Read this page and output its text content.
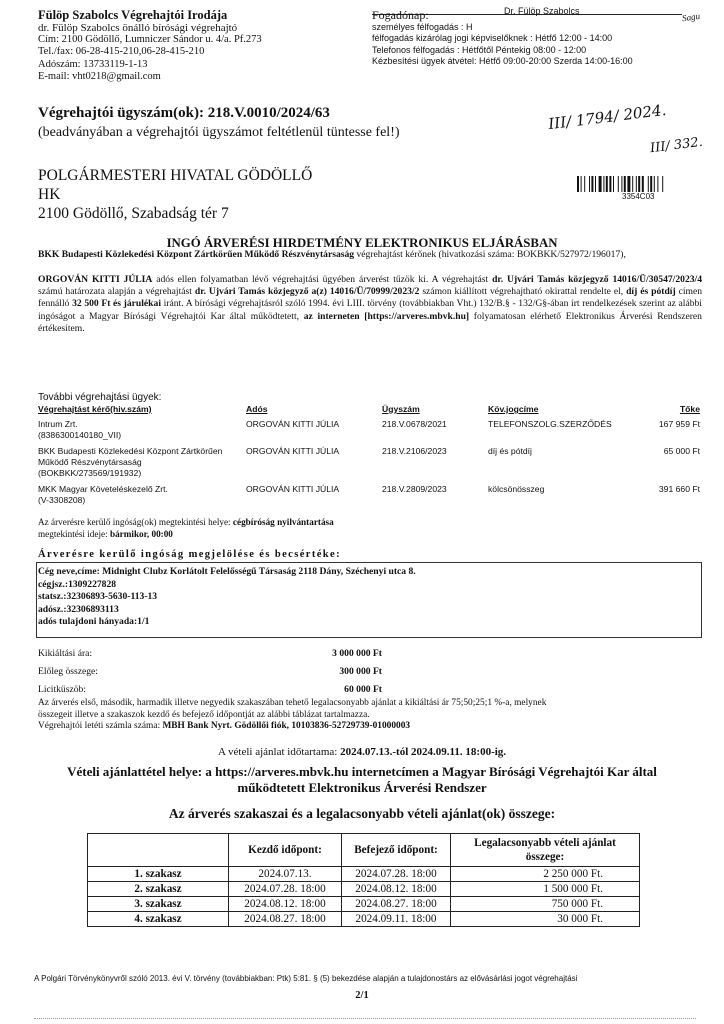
Fülöp Szabolcs Végrehajtói Irodája
dr. Fülöp Szabolcs önálló bírósági végrehajtó
Cím: 2100 Gödöllő, Lumniczer Sándor u. 4/a. Pf.273
Tel./fax: 06-28-415-210,06-28-415-210
Adószám: 13733119-1-13
E-mail: vht0218@gmail.com
Dr. Fülöp Szabolcs	Sagu
Fogadónap:
személyes félfogadás : H
félfogadás kizárólag jogi képviselőknek : Hétfő 12:00 - 14:00
Telefonos félfogadás : Hétfőtől Péntekig 08:00 - 12:00
Kézbesítési ügyek átvétel: Hétfő 09:00-20:00 Szerda 14:00-16:00
Végrehajtói ügyszám(ok): 218.V.0010/2024/63
(beadványában a végrehajtói ügyszámot feltétlenül tüntesse fel!)	III/ 1794/ 2024.
III/ 332.
POLGÁRMESTERI HIVATAL GÖDÖLLŐ
HK
2100 Gödöllő, Szabadság tér 7
3354C03
INGÓ ÁRVERÉSI HIRDETMÉNY ELEKTRONIKUS ELJÁRÁSBAN
BKK Budapesti Közlekedési Központ Zártkörűen Működő Részvénytársaság végrehajtást kérőnek (hivatkozási száma: BOKBKK/527972/196017),
ORGOVÁN KITTI JÚLIA adós ellen folyamatban lévő végrehajtási ügyében árverést tűzök ki. A végrehajtást dr. Ujvári Tamás közjegyző 14016/Ü/30547/2023/4 számú határozata alapján a végrehajtást dr. Ujvári Tamás közjegyző a(z) 14016/Ü/70999/2023/2 számon kiállított végrehajtható okirattal rendelte el, díj és pótdíj címen fennálló 32 500 Ft és járulékai iránt. A bírósági végrehajtásról szóló 1994. évi LIII. törvény (továbbiakban Vht.) 132/B.§ - 132/G§-ában írt rendelkezések szerint az alábbi ingóságot a Magyar Bírósági Végrehajtói Kar által működtetett, az interneten [https://arveres.mbvk.hu] folyamatosan elérhető Elektronikus Árverési Rendszeren értékesítem.
További végrehajtási ügyek:
Végrehajtást kérő(hiv.szám)	Adós	Ügyszám	Köv.jogcíme	Tőke
Intrum Zrt.
(8386300140180_VII)
ORGOVÁN KITTI JÚLIA	218.V.0678/2021	TELEFONSZOLG.SZERZŐDÉS	167 959 Ft
BKK Budapesti Közlekedési Központ Zártkörűen
Működő Részvénytársaság
(BOKBKK/273569/191932)
ORGOVÁN KITTI JÚLIA	218.V.2106/2023	díj és pótdíj	65 000 Ft
MKK Magyar Követeléskezelő Zrt.
(V-3308208)
ORGOVÁN KITTI JÚLIA	218.V.2809/2023	kölcsönösszeg	391 660 Ft
Az árverésre kerülő ingóság(ok) megtekintési helye: cégbíróság nyilvántartása
megtekintési ideje: bármikor, 00:00
Árverésre kerülő ingóság megjelölése és becsértéke:
Cég neve,címe: Midnight Clubz Korlátolt Felelősségű Társaság 2118 Dány, Széchenyi utca 8.
cégjsz.:1309227828
statsz.:32306893-5630-113-13
adósz.:32306893113
adós tulajdoni hányada:1/1
Kikiáltási ára:	3 000 000 Ft
Előleg összege:	300 000 Ft
Licitküszöb:	60 000 Ft
Az árverés első, második, harmadik illetve negyedik szakaszában tehető legalacsonyabb ajánlat a kikiáltási ár 75;50;25;1 %-a, melynek
összegeit illetve a szakaszok kezdő és befejező időpontját az alábbi táblázat tartalmazza.
Végrehajtói letéti számla száma: MBH Bank Nyrt. Gödöllői fiók, 10103836-52729739-01000003
A vételi ajánlat időtartama: 2024.07.13.-tól 2024.09.11. 18:00-ig.
Vételi ajánlattétel helye: a https://arveres.mbvk.hu internetcímen a Magyar Bírósági Végrehajtói Kar által működtetett Elektronikus Árverési Rendszer
Az árverés szakaszai és a legalacsonyabb vételi ajánlat(ok) összege:
	Kezdő időpont:	Befejező időpont:	Legalacsonyabb vételi ajánlat összege:
1. szakasz	2024.07.13.	2024.07.28. 18:00	2 250 000 Ft.
2. szakasz	2024.07.28. 18:00	2024.08.12. 18:00	1 500 000 Ft.
3. szakasz	2024.08.12. 18:00	2024.08.27. 18:00	750 000 Ft.
4. szakasz	2024.08.27. 18:00	2024.09.11. 18:00	30 000 Ft.
A Polgári Törvénykönyvről szóló 2013. évi V. törvény (továbbiakban: Ptk) 5:81. § (5) bekezdése alapján a tulajdonostárs az elővásárlási jogot végrehajtási
2/1
